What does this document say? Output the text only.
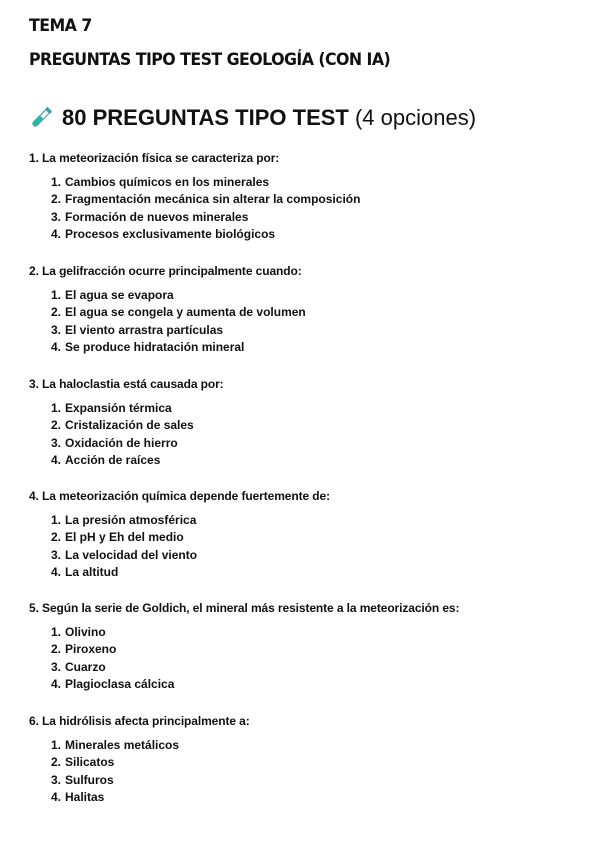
TEMA 7
PREGUNTAS TIPO TEST GEOLOGÍA (CON IA)
80 PREGUNTAS TIPO TEST
(4 opciones)
1. La meteorización física se caracteriza por:
1. Cambios químicos en los minerales
2. Fragmentación mecánica sin alterar la composición
3. Formación de nuevos minerales
4. Procesos exclusivamente biológicos
2. La gelifracción ocurre principalmente cuando:
1. El agua se evapora
2. El agua se congela y aumenta de volumen
3. El viento arrastra partículas
4. Se produce hidratación mineral
3. La haloclastia está causada por:
1. Expansión térmica
2. Cristalización de sales
3. Oxidación de hierro
4. Acción de raíces
4. La meteorización química depende fuertemente de:
1. La presión atmosférica
2. El pH y Eh del medio
3. La velocidad del viento
4. La altitud
5. Según la serie de Goldich, el mineral más resistente a la meteorización es:
1. Olivino
2. Piroxeno
3. Cuarzo
4. Plagioclasa cálcica
6. La hidrólisis afecta principalmente a:
1. Minerales metálicos
2. Silicatos
3. Sulfuros
4. Halitas
